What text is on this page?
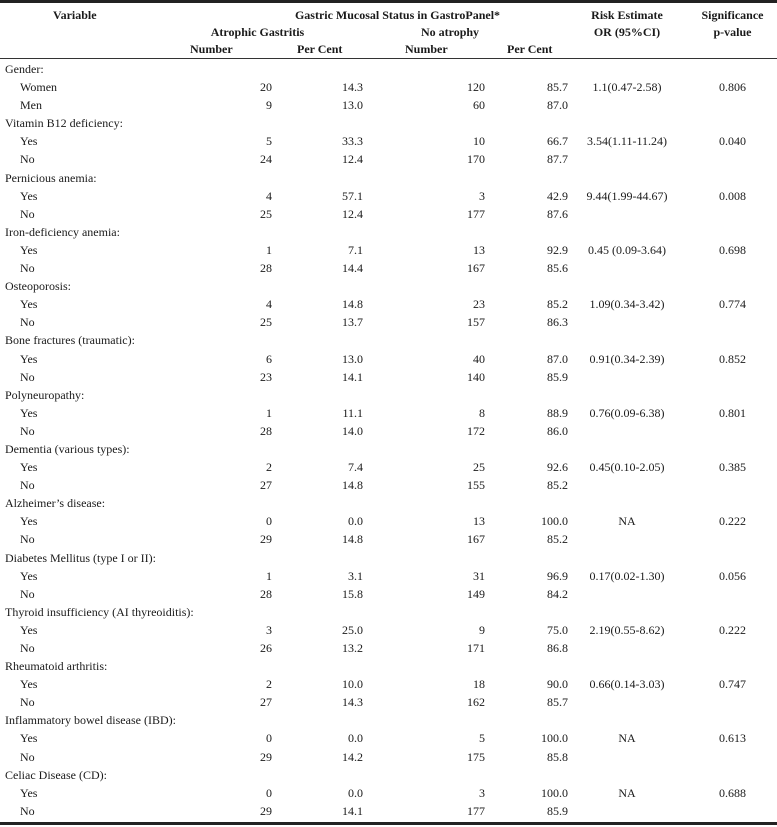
Variable	Gastric Mucosal Status in GastroPanel*
Atrophic Gastritis	No atrophy
Number	Per Cent	Number	Per Cent
Risk Estimate
OR (95%CI)
Significance
p-value
Gender:
Women	20	14.3	120	85.7	1.1(0.47-2.58)	0.806
Men	9	13.0	60	87.0
Vitamin B12 deficiency:
Yes	5	33.3	10	66.7	3.54(1.11-11.24)	0.040
No	24	12.4	170	87.7
Pernicious anemia:
Yes	4	57.1	3	42.9	9.44(1.99-44.67)	0.008
No	25	12.4	177	87.6
Iron-deficiency anemia:
Yes	1	7.1	13	92.9	0.45 (0.09-3.64)	0.698
No	28	14.4	167	85.6
Osteoporosis:
Yes	4	14.8	23	85.2	1.09(0.34-3.42)	0.774
No	25	13.7	157	86.3
Bone fractures (traumatic):
Yes	6	13.0	40	87.0	0.91(0.34-2.39)	0.852
No	23	14.1	140	85.9
Polyneuropathy:
Yes	1	11.1	8	88.9	0.76(0.09-6.38)	0.801
No	28	14.0	172	86.0
Dementia (various types):
Yes	2	7.4	25	92.6	0.45(0.10-2.05)	0.385
No	27	14.8	155	85.2
Alzheimer’s disease:
Yes	0	0.0	13	100.0	NA	0.222
No	29	14.8	167	85.2
Diabetes Mellitus (type I or II):
Yes	1	3.1	31	96.9	0.17(0.02-1.30)	0.056
No	28	15.8	149	84.2
Thyroid insufficiency (AI thyreoiditis):
Yes	3	25.0	9	75.0	2.19(0.55-8.62)	0.222
No	26	13.2	171	86.8
Rheumatoid arthritis:
Yes	2	10.0	18	90.0	0.66(0.14-3.03)	0.747
No	27	14.3	162	85.7
Inflammatory bowel disease (IBD):
Yes	0	0.0	5	100.0	NA	0.613
No	29	14.2	175	85.8
Celiac Disease (CD):
Yes	0	0.0	3	100.0	NA	0.688
No	29	14.1	177	85.9
